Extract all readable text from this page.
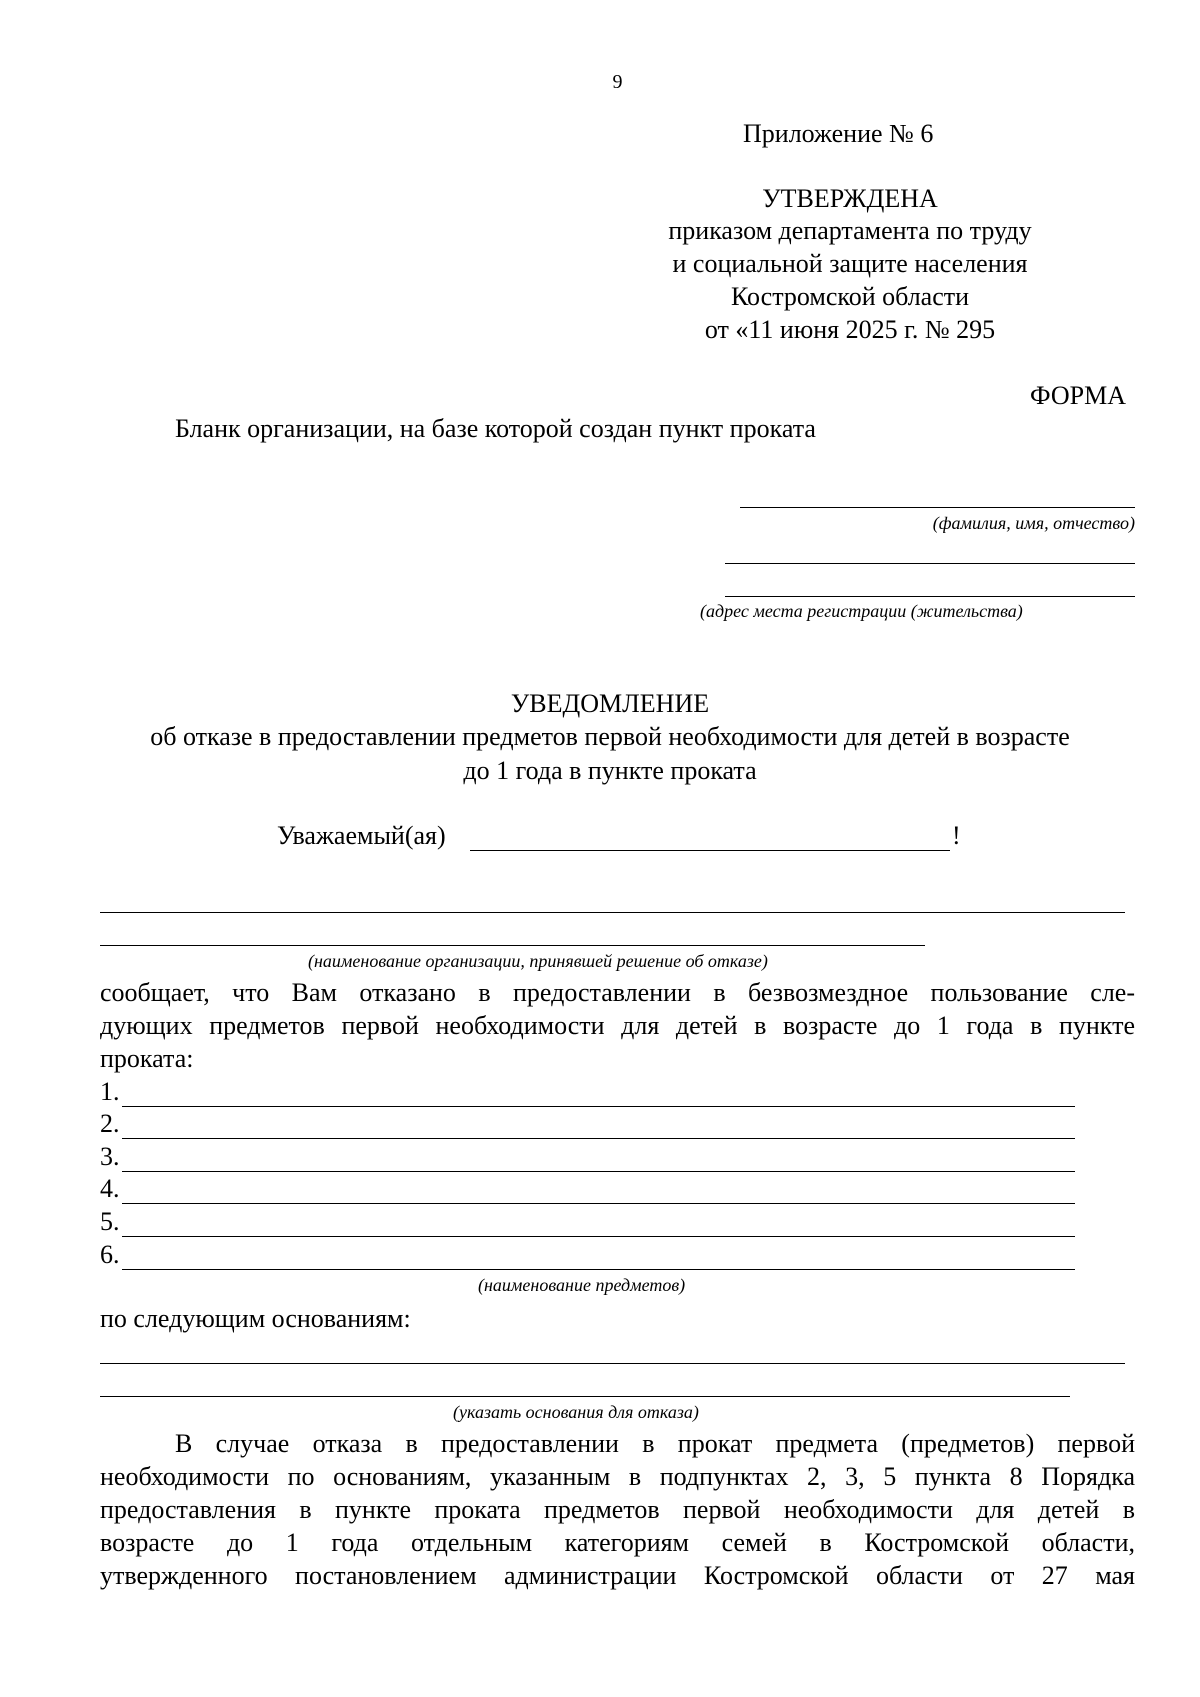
9
Приложение № 6
УТВЕРЖДЕНА
приказом департамента по труду
и социальной защите населения
Костромской области
от «11 июня 2025 г. № 295
ФОРМА
Бланк организации, на базе которой создан пункт проката
(фамилия, имя, отчество)
(адрес места регистрации (жительства)
УВЕДОМЛЕНИЕ
об отказе в предоставлении предметов первой необходимости для детей в возрасте
до 1 года в пункте проката
Уважаемый(ая)	!
(наименование организации, принявшей решение об отказе)
сообщает, что Вам отказано в предоставлении в безвозмездное пользование сле-
дующих предметов первой необходимости для детей в возрасте до 1 года в пункте
проката:
1.
2.
3.
4.
5.
6.
(наименование предметов)
по следующим основаниям:
(указать основания для отказа)
В случае отказа в предоставлении в прокат предмета (предметов) первой
необходимости по основаниям, указанным в подпунктах 2, 3, 5 пункта 8 Порядка
предоставления в пункте проката предметов первой необходимости для детей в
возрасте до 1 года отдельным категориям семей в Костромской области,
утвержденного постановлением администрации Костромской области от 27 мая
